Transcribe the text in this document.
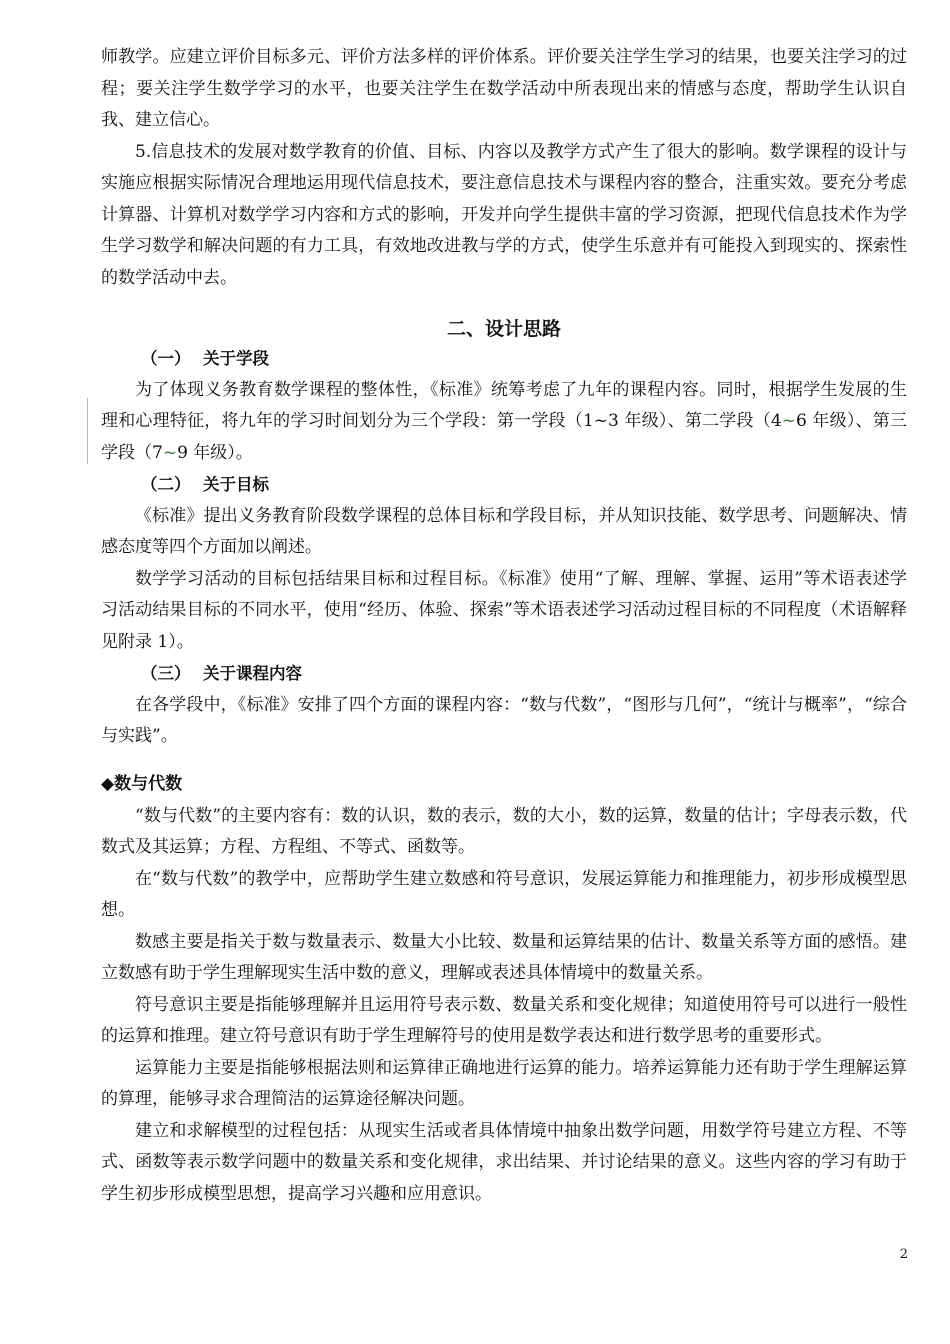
师教学。应建立评价目标多元、评价方法多样的评价体系。评价要关注学生学习的结果，也要关注学习的过程；要关注学生数学学习的水平，也要关注学生在数学活动中所表现出来的情感与态度，帮助学生认识自我、建立信心。

5.信息技术的发展对数学教育的价值、目标、内容以及教学方式产生了很大的影响。数学课程的设计与实施应根据实际情况合理地运用现代信息技术，要注意信息技术与课程内容的整合，注重实效。要充分考虑计算器、计算机对数学学习内容和方式的影响，开发并向学生提供丰富的学习资源，把现代信息技术作为学生学习数学和解决问题的有力工具，有效地改进教与学的方式，使学生乐意并有可能投入到现实的、探索性的数学活动中去。

二、设计思路

（一） 关于学段

为了体现义务教育数学课程的整体性，《标准》统筹考虑了九年的课程内容。同时，根据学生发展的生理和心理特征，将九年的学习时间划分为三个学段：第一学段（1~3 年级）、第二学段（4~6 年级）、第三学段（7~9 年级）。

（二） 关于目标

《标准》提出义务教育阶段数学课程的总体目标和学段目标，并从知识技能、数学思考、问题解决、情感态度等四个方面加以阐述。

数学学习活动的目标包括结果目标和过程目标。《标准》使用“了解、理解、掌握、运用”等术语表述学习活动结果目标的不同水平，使用“经历、体验、探索”等术语表述学习活动过程目标的不同程度（术语解释见附录 1）。

（三） 关于课程内容

在各学段中，《标准》安排了四个方面的课程内容：“数与代数”，“图形与几何”，“统计与概率”，“综合与实践”。

◆数与代数

“数与代数”的主要内容有：数的认识，数的表示，数的大小，数的运算，数量的估计；字母表示数，代数式及其运算；方程、方程组、不等式、函数等。

在“数与代数”的教学中，应帮助学生建立数感和符号意识，发展运算能力和推理能力，初步形成模型思想。

数感主要是指关于数与数量表示、数量大小比较、数量和运算结果的估计、数量关系等方面的感悟。建立数感有助于学生理解现实生活中数的意义，理解或表述具体情境中的数量关系。

符号意识主要是指能够理解并且运用符号表示数、数量关系和变化规律；知道使用符号可以进行一般性的运算和推理。建立符号意识有助于学生理解符号的使用是数学表达和进行数学思考的重要形式。

运算能力主要是指能够根据法则和运算律正确地进行运算的能力。培养运算能力还有助于学生理解运算的算理，能够寻求合理简洁的运算途径解决问题。

建立和求解模型的过程包括：从现实生活或者具体情境中抽象出数学问题，用数学符号建立方程、不等式、函数等表示数学问题中的数量关系和变化规律，求出结果、并讨论结果的意义。这些内容的学习有助于学生初步形成模型思想，提高学习兴趣和应用意识。

2
